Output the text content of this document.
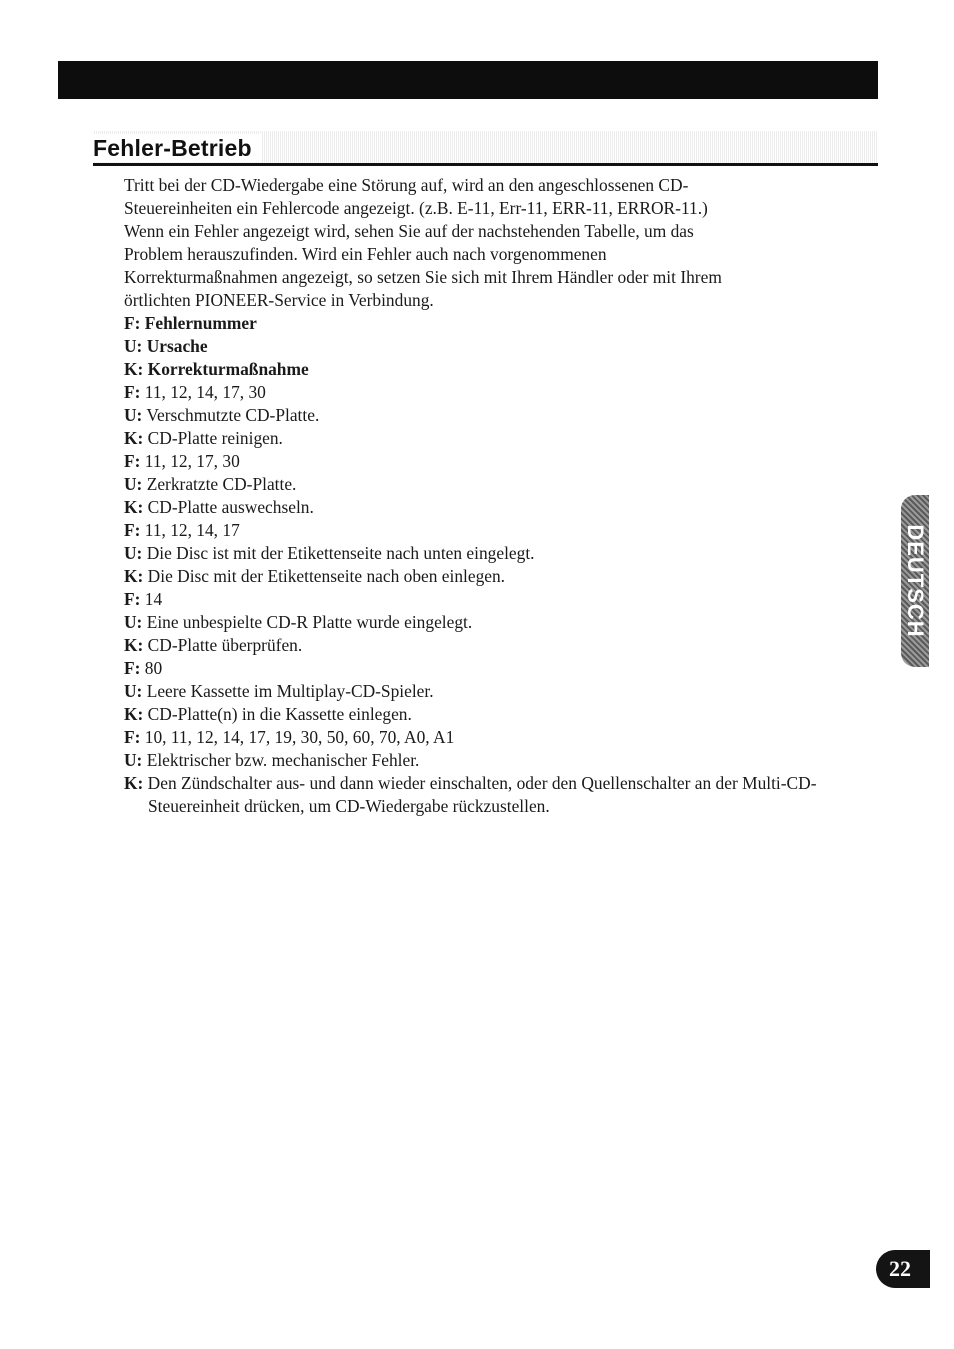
Fehler-Betrieb

Tritt bei der CD-Wiedergabe eine Störung auf, wird an den angeschlossenen CD-

Steuereinheiten ein Fehlercode angezeigt. (z.B. E-11, Err-11, ERR-11, ERROR-11.)

Wenn ein Fehler angezeigt wird, sehen Sie auf der nachstehenden Tabelle, um das

Problem herauszufinden. Wird ein Fehler auch nach vorgenommenen

Korrekturmaßnahmen angezeigt, so setzen Sie sich mit Ihrem Händler oder mit Ihrem

örtlichten PIONEER-Service in Verbindung.

F: Fehlernummer
U: Ursache
K: Korrekturmaßnahme

F: 11, 12, 14, 17, 30

U: Verschmutzte CD-Platte.

K: CD-Platte reinigen.

F: 11, 12, 17, 30

U: Zerkratzte CD-Platte.

K: CD-Platte auswechseln.

F: 11, 12, 14, 17

U: Die Disc ist mit der Etikettenseite nach unten eingelegt.

K: Die Disc mit der Etikettenseite nach oben einlegen.

F: 14

U: Eine unbespielte CD-R Platte wurde eingelegt.

K: CD-Platte überprüfen.

F: 80

U: Leere Kassette im Multiplay-CD-Spieler.

K: CD-Platte(n) in die Kassette einlegen.

F: 10, 11, 12, 14, 17, 19, 30, 50, 60, 70, A0, A1

U: Elektrischer bzw. mechanischer Fehler.

K: Den Zündschalter aus- und dann wieder einschalten, oder den Quellenschalter an der Multi-CD-Steuereinheit drücken, um CD-Wiedergabe rückzustellen.

DEUTSCH
22
